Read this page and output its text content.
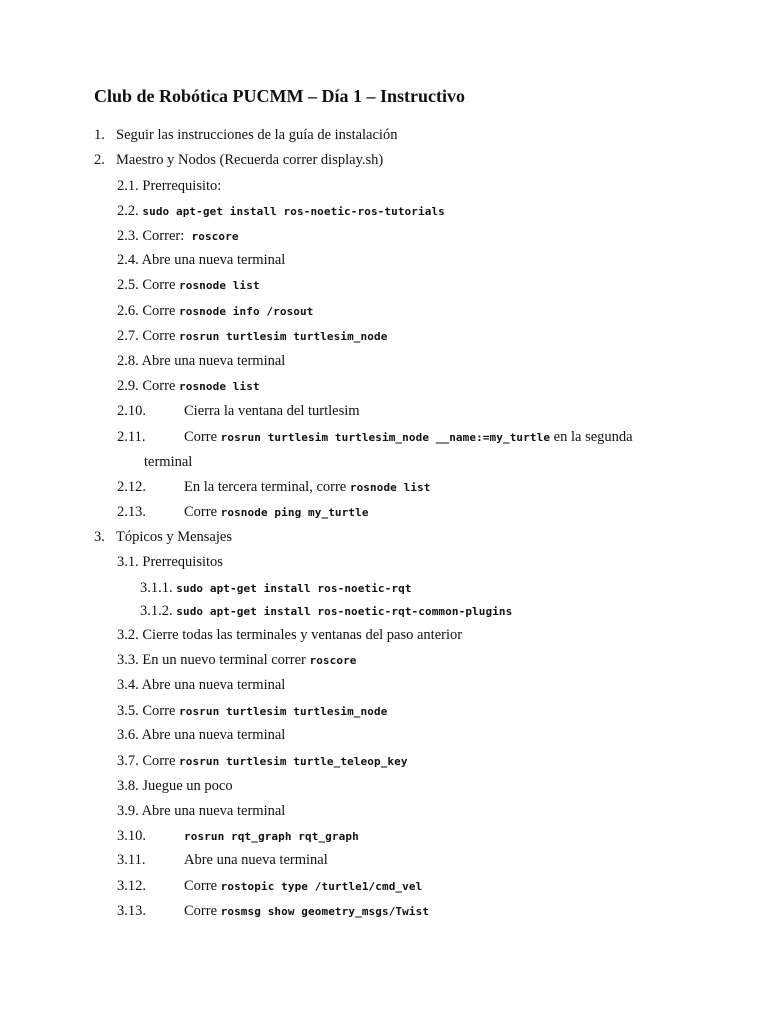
Club de Robótica PUCMM – Día 1 – Instructivo
1. Seguir las instrucciones de la guía de instalación
2. Maestro y Nodos (Recuerda correr display.sh)
2.1. Prerrequisito:
2.2. sudo apt-get install ros-noetic-ros-tutorials
2.3. Correr:  roscore
2.4. Abre una nueva terminal
2.5. Corre rosnode list
2.6. Corre rosnode info /rosout
2.7. Corre rosrun turtlesim turtlesim_node
2.8. Abre una nueva terminal
2.9. Corre rosnode list
2.10.	Cierra la ventana del turtlesim
2.11.	Corre rosrun turtlesim turtlesim_node __name:=my_turtle en la segunda
terminal
2.12.	En la tercera terminal, corre rosnode list
2.13.	Corre rosnode ping my_turtle
3. Tópicos y Mensajes
3.1. Prerrequisitos
3.1.1. sudo apt-get install ros-noetic-rqt
3.1.2. sudo apt-get install ros-noetic-rqt-common-plugins
3.2. Cierre todas las terminales y ventanas del paso anterior
3.3. En un nuevo terminal correr roscore
3.4. Abre una nueva terminal
3.5. Corre rosrun turtlesim turtlesim_node
3.6. Abre una nueva terminal
3.7. Corre rosrun turtlesim turtle_teleop_key
3.8. Juegue un poco
3.9. Abre una nueva terminal
3.10.	rosrun rqt_graph rqt_graph
3.11.	Abre una nueva terminal
3.12.	Corre rostopic type /turtle1/cmd_vel
3.13.	Corre rosmsg show geometry_msgs/Twist
